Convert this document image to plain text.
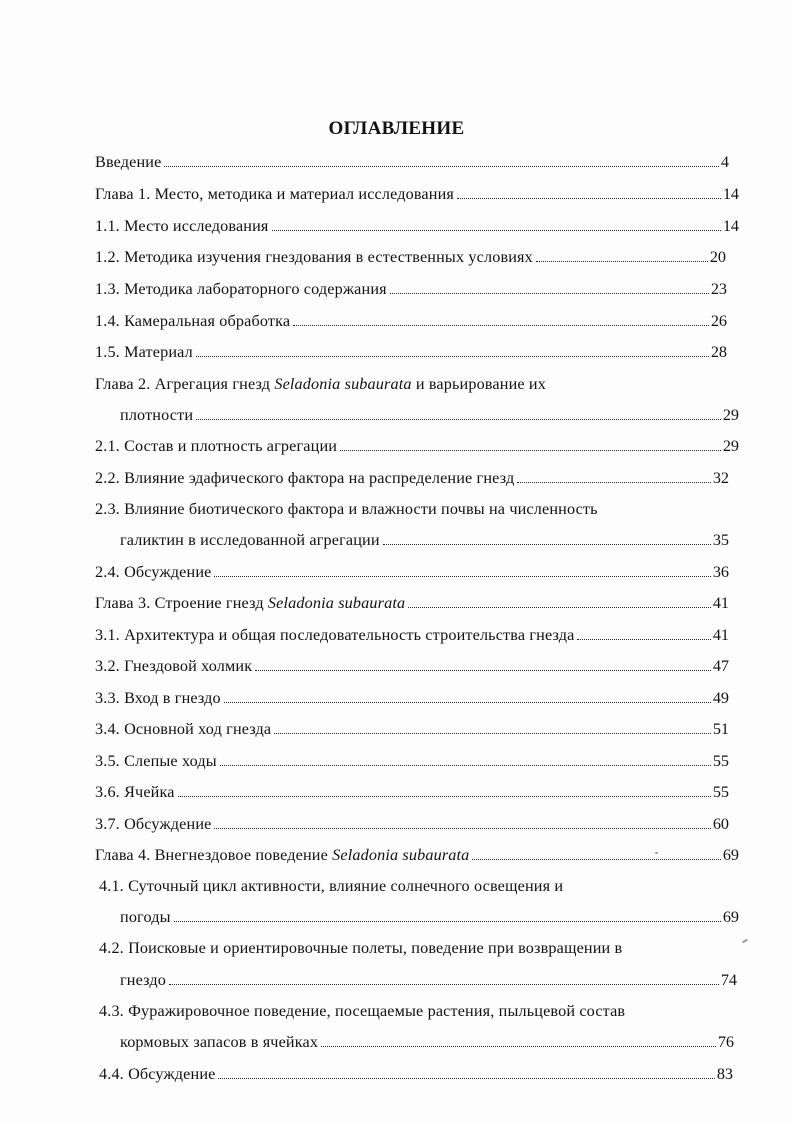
ОГЛАВЛЕНИЕ
Введение	4
Глава 1. Место, методика и материал исследования	14
1.1. Место исследования	14
1.2. Методика изучения гнездования в естественных условиях	20
1.3. Методика лабораторного содержания	23
1.4. Камеральная обработка	26
1.5. Материал	28
Глава 2. Агрегация гнезд Seladonia subaurata и варьирование их
плотности	29
2.1. Состав и плотность агрегации	29
2.2. Влияние эдафического фактора на распределение гнезд	32
2.3. Влияние биотического фактора и влажности почвы на численность
галиктин в исследованной агрегации	35
2.4. Обсуждение	36
Глава 3. Строение гнезд Seladonia subaurata	41
3.1. Архитектура и общая последовательность строительства гнезда	41
3.2. Гнездовой холмик	47
3.3. Вход в гнездо	49
3.4. Основной ход гнезда	51
3.5. Слепые ходы	55
3.6. Ячейка	55
3.7. Обсуждение	60
Глава 4. Внегнездовое поведение Seladonia subaurata	69
4.1. Суточный цикл активности, влияние солнечного освещения и
погоды	69
4.2. Поисковые и ориентировочные полеты, поведение при возвращении в
гнездо	74
4.3. Фуражировочное поведение, посещаемые растения, пыльцевой состав
кормовых запасов в ячейках	76
4.4. Обсуждение	83
